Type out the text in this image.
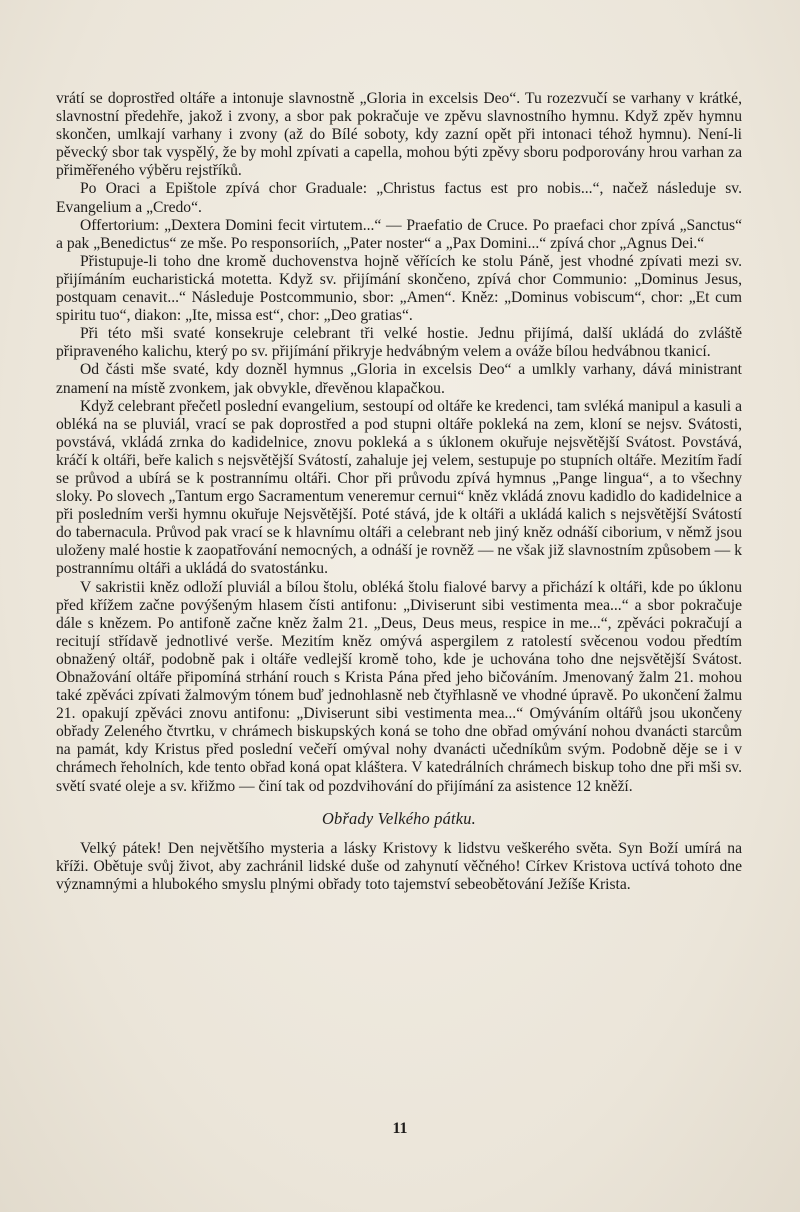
vrátí se doprostřed oltáře a intonuje slavnostně „Gloria in excelsis Deo“. Tu rozezvučí se varhany v krátké, slavnostní předehře, jakož i zvony, a sbor pak pokračuje ve zpěvu slavnostního hymnu. Když zpěv hymnu skončen, umlkají varhany i zvony (až do Bílé soboty, kdy zazní opět při intonaci téhož hymnu). Není-li pěvecký sbor tak vyspělý, že by mohl zpívati a capella, mohou býti zpěvy sboru podporovány hrou varhan za přiměřeného výběru rejstříků.

Po Oraci a Epištole zpívá chor Graduale: „Christus factus est pro nobis...“, načež následuje sv. Evangelium a „Credo“.

Offertorium: „Dextera Domini fecit virtutem...“ — Praefatio de Cruce. Po praefaci chor zpívá „Sanctus“ a pak „Benedictus“ ze mše. Po responsoriích, „Pater noster“ a „Pax Domini...“ zpívá chor „Agnus Dei.“

Přistupuje-li toho dne kromě duchovenstva hojně věřících ke stolu Páně, jest vhodné zpívati mezi sv. přijímáním eucharistická motetta. Když sv. přijímání skončeno, zpívá chor Communio: „Dominus Jesus, postquam cenavit...“ Následuje Postcommunio, sbor: „Amen“. Kněz: „Dominus vobiscum“, chor: „Et cum spiritu tuo“, diakon: „Ite, missa est“, chor: „Deo gratias“.

Při této mši svaté konsekruje celebrant tři velké hostie. Jednu přijímá, další ukládá do zvláště připraveného kalichu, který po sv. přijímání přikryje hedvábným velem a ováže bílou hedvábnou tkanicí.

Od části mše svaté, kdy dozněl hymnus „Gloria in excelsis Deo“ a umlkly varhany, dává ministrant znamení na místě zvonkem, jak obvykle, dřevěnou klapačkou.

Když celebrant přečetl poslední evangelium, sestoupí od oltáře ke kredenci, tam svléká manipul a kasuli a obléká na se pluviál, vrací se pak doprostřed a pod stupni oltáře pokleká na zem, kloní se nejsv. Svátosti, povstává, vkládá zrnka do kadidelnice, znovu pokleká a s úklonem okuřuje nejsvětější Svátost. Povstává, kráčí k oltáři, beře kalich s nejsvětější Svátostí, zahaluje jej velem, sestupuje po stupních oltáře. Mezitím řadí se průvod a ubírá se k postrannímu oltáři. Chor při průvodu zpívá hymnus „Pange lingua“, a to všechny sloky. Po slovech „Tantum ergo Sacramentum veneremur cernui“ kněz vkládá znovu kadidlo do kadidelnice a při posledním verši hymnu okuřuje Nejsvětější. Poté stává, jde k oltáři a ukládá kalich s nejsvětější Svátostí do tabernacula. Průvod pak vrací se k hlavnímu oltáři a celebrant neb jiný kněz odnáší ciborium, v němž jsou uloženy malé hostie k zaopatřování nemocných, a odnáší je rovněž — ne však již slavnostním způsobem — k postrannímu oltáři a ukládá do svatostánku.

V sakristii kněz odloží pluviál a bílou štolu, obléká štolu fialové barvy a přichází k oltáři, kde po úklonu před křížem začne povýšeným hlasem čísti antifonu: „Diviserunt sibi vestimenta mea...“ a sbor pokračuje dále s knězem. Po antifoně začne kněz žalm 21. „Deus, Deus meus, respice in me...“, zpěváci pokračují a recitují střídavě jednotlivé verše. Mezitím kněz omývá aspergilem z ratolestí svěcenou vodou předtím obnažený oltář, podobně pak i oltáře vedlejší kromě toho, kde je uchována toho dne nejsvětější Svátost. Obnažování oltáře připomíná strhání rouch s Krista Pána před jeho bičováním. Jmenovaný žalm 21. mohou také zpěváci zpívati žalmovým tónem buď jednohlasně neb čtyřhlasně ve vhodné úpravě. Po ukončení žalmu 21. opakují zpěváci znovu antifonu: „Diviserunt sibi vestimenta mea...“ Omýváním oltářů jsou ukončeny obřady Zeleného čtvrtku, v chrámech biskupských koná se toho dne obřad omývání nohou dvanácti starcům na památ, kdy Kristus před poslední večeří omýval nohy dvanácti učedníkům svým. Podobně děje se i v chrámech řeholních, kde tento obřad koná opat kláštera. V katedrálních chrámech biskup toho dne při mši sv. světí svaté oleje a sv. křižmo — činí tak od pozdvihování do přijímání za asistence 12 kněží.

Obřady Velkého pátku.

Velký pátek! Den největšího mysteria a lásky Kristovy k lidstvu veškerého světa. Syn Boží umírá na kříži. Obětuje svůj život, aby zachránil lidské duše od zahynutí věčného! Církev Kristova uctívá tohoto dne významnými a hlubokého smyslu plnými obřady toto tajemství sebeobětování Ježíše Krista.

11
